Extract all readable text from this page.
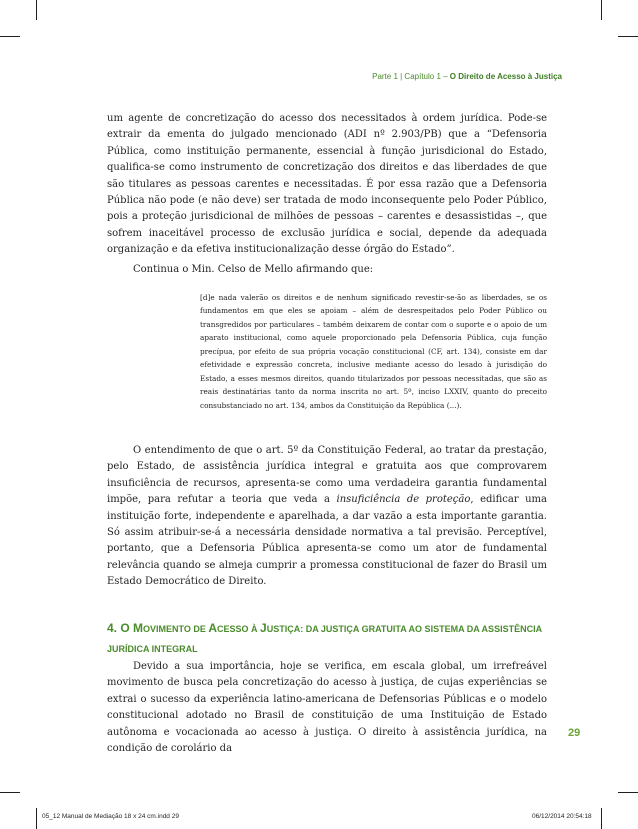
Parte 1 | Capítulo 1 – O Direito de Acesso à Justiça

um agente de concretização do acesso dos necessitados à ordem jurídica. Pode-se extrair da ementa do julgado mencionado (ADI nº 2.903/PB) que a “Defensoria Pública, como instituição permanente, essencial à função jurisdicional do Estado, qualifica-se como instrumento de concretização dos direitos e das liberdades de que são titulares as pessoas carentes e necessitadas. É por essa razão que a Defensoria Pública não pode (e não deve) ser tratada de modo inconsequente pelo Poder Público, pois a proteção jurisdicional de milhões de pessoas – carentes e desassistidas –, que sofrem inaceitável processo de exclusão jurídica e social, depende da adequada organização e da efetiva institucionalização desse órgão do Estado”.

Continua o Min. Celso de Mello afirmando que:

[d]e nada valerão os direitos e de nenhum significado revestir-se-ão as liberdades, se os fundamentos em que eles se apoiam – além de desrespeitados pelo Poder Público ou transgredidos por particulares – também deixarem de contar com o suporte e o apoio de um aparato institucional, como aquele proporcionado pela Defensoria Pública, cuja função precípua, por efeito de sua própria vocação constitucional (CF, art. 134), consiste em dar efetividade e expressão concreta, inclusive mediante acesso do lesado à jurisdição do Estado, a esses mesmos direitos, quando titularizados por pessoas necessitadas, que são as reais destinatárias tanto da norma inscrita no art. 5º, inciso LXXIV, quanto do preceito consubstanciado no art. 134, ambos da Constituição da República (...).

O entendimento de que o art. 5º da Constituição Federal, ao tratar da prestação, pelo Estado, de assistência jurídica integral e gratuita aos que comprovarem insuficiência de recursos, apresenta-se como uma verdadeira garantia fundamental impõe, para refutar a teoria que veda a insuficiência de proteção, edificar uma instituição forte, independente e aparelhada, a dar vazão a esta importante garantia. Só assim atribuir-se-á a necessária densidade normativa a tal previsão. Perceptível, portanto, que a Defensoria Pública apresenta-se como um ator de fundamental relevância quando se almeja cumprir a promessa constitucional de fazer do Brasil um Estado Democrático de Direito.

4. O MOVIMENTO DE ACESSO À JUSTIÇA: DA JUSTIÇA GRATUITA AO SISTEMA DA ASSISTÊNCIA JURÍDICA INTEGRAL

Devido a sua importância, hoje se verifica, em escala global, um irrefreável movimento de busca pela concretização do acesso à justiça, de cujas experiências se extrai o sucesso da experiência latino-americana de Defensorias Públicas e o modelo constitucional adotado no Brasil de constituição de uma Instituição de Estado autônoma e vocacionada ao acesso à justiça. O direito à assistência jurídica, na condição de corolário da

29
05_12 Manual de Mediação 18 x 24 cm.indd 29	06/12/2014 20:54:18
